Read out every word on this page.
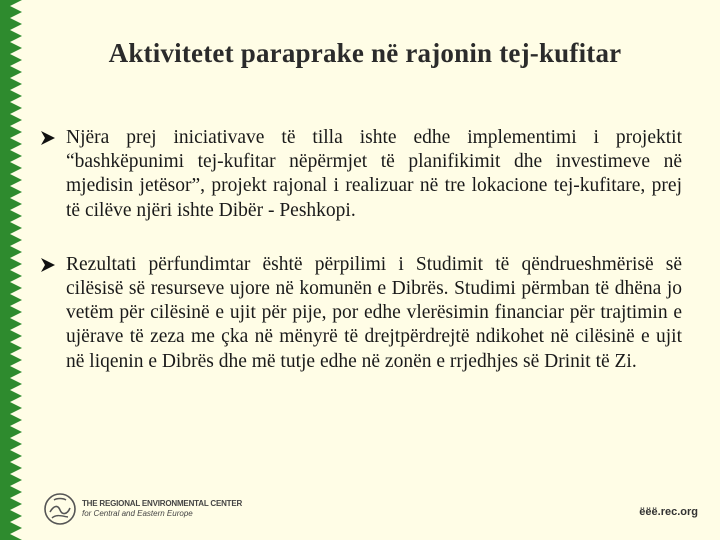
Aktivitetet paraprake në rajonin tej-kufitar
Njëra prej iniciativave të tilla ishte edhe implementimi i projektit “bashkëpunimi tej-kufitar nëpërmjet të planifikimit dhe investimeve në mjedisin jetësor”, projekt rajonal i realizuar në tre lokacione tej-kufitare, prej të cilëve njëri ishte Dibër - Peshkopi.
Rezultati përfundimtar është përpilimi i Studimit të qëndrueshmërisë së cilësisë së resurseve ujore në komunën e Dibrës. Studimi përmban të dhëna jo vetëm për cilësinë e ujit për pije, por edhe vlerësimin financiar për trajtimin e ujërave të zeza me çka në mënyrë të drejtpërdrejtë ndikohet në cilësinë e ujit në liqenin e Dibrës dhe më tutje edhe në zonën e rrjedhjes së Drinit të Zi.
THE REGIONAL ENVIRONMENTAL CENTER
for Central and Eastern Europe	ëëë.rec.org
